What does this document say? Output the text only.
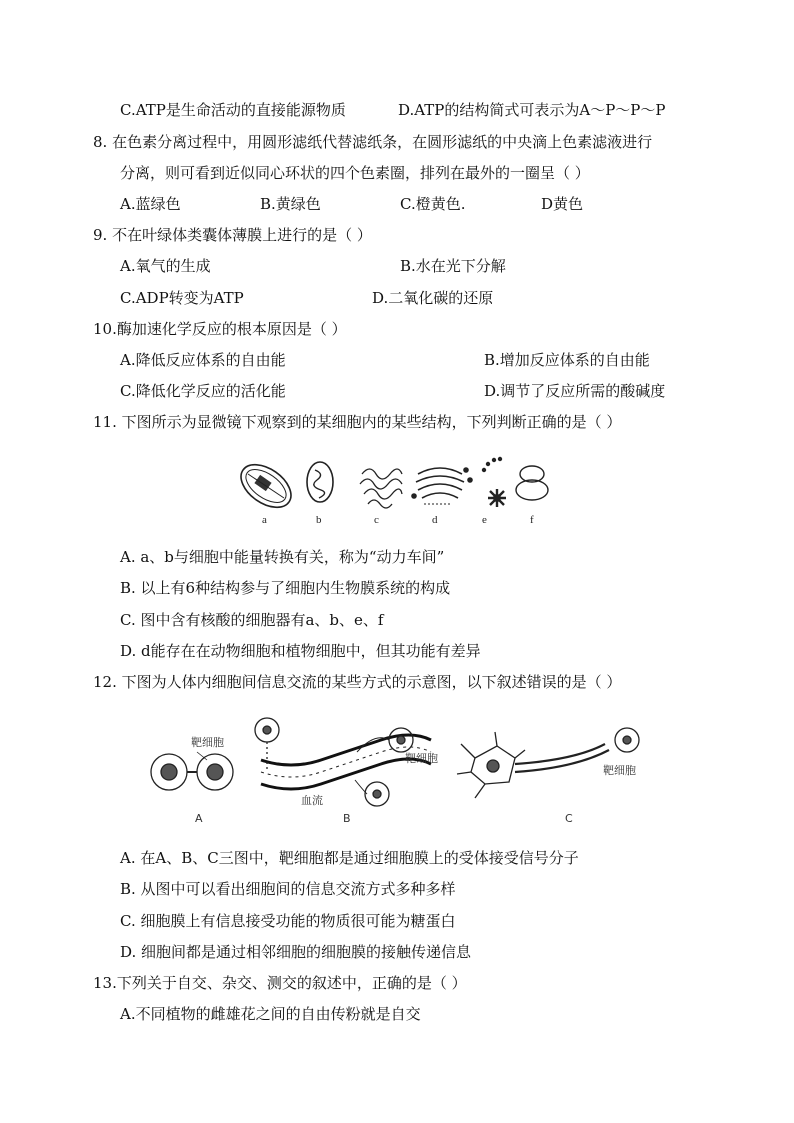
C.ATP是生命活动的直接能源物质	D.ATP的结构简式可表示为A～P～P～P
8. 在色素分离过程中，用圆形滤纸代替滤纸条，在圆形滤纸的中央滴上色素滤液进行
分离，则可看到近似同心环状的四个色素圈，排列在最外的一圈呈（ ）
A.蓝绿色	B.黄绿色	C.橙黄色.	D黄色
9. 不在叶绿体类囊体薄膜上进行的是（ ）
A.氧气的生成	B.水在光下分解
C.ADP转变为ATP	D.二氧化碳的还原
10.酶加速化学反应的根本原因是（ ）
A.降低反应体系的自由能	B.增加反应体系的自由能
C.降低化学反应的活化能	D.调节了反应所需的酸碱度
11. 下图所示为显微镜下观察到的某细胞内的某些结构，下列判断正确的是（ ）
a	b	c	d	e	f
A. a、b与细胞中能量转换有关，称为“动力车间”
B. 以上有6种结构参与了细胞内生物膜系统的构成
C. 图中含有核酸的细胞器有a、b、e、f
D. d能存在在动物细胞和植物细胞中，但其功能有差异
12. 下图为人体内细胞间信息交流的某些方式的示意图，以下叙述错误的是（ ）
靶细胞
A
靶细胞
血流
B
靶细胞
C
A. 在A、B、C三图中，靶细胞都是通过细胞膜上的受体接受信号分子
B. 从图中可以看出细胞间的信息交流方式多种多样
C. 细胞膜上有信息接受功能的物质很可能为糖蛋白
D. 细胞间都是通过相邻细胞的细胞膜的接触传递信息
13.下列关于自交、杂交、测交的叙述中，正确的是（ ）
A.不同植物的雌雄花之间的自由传粉就是自交
